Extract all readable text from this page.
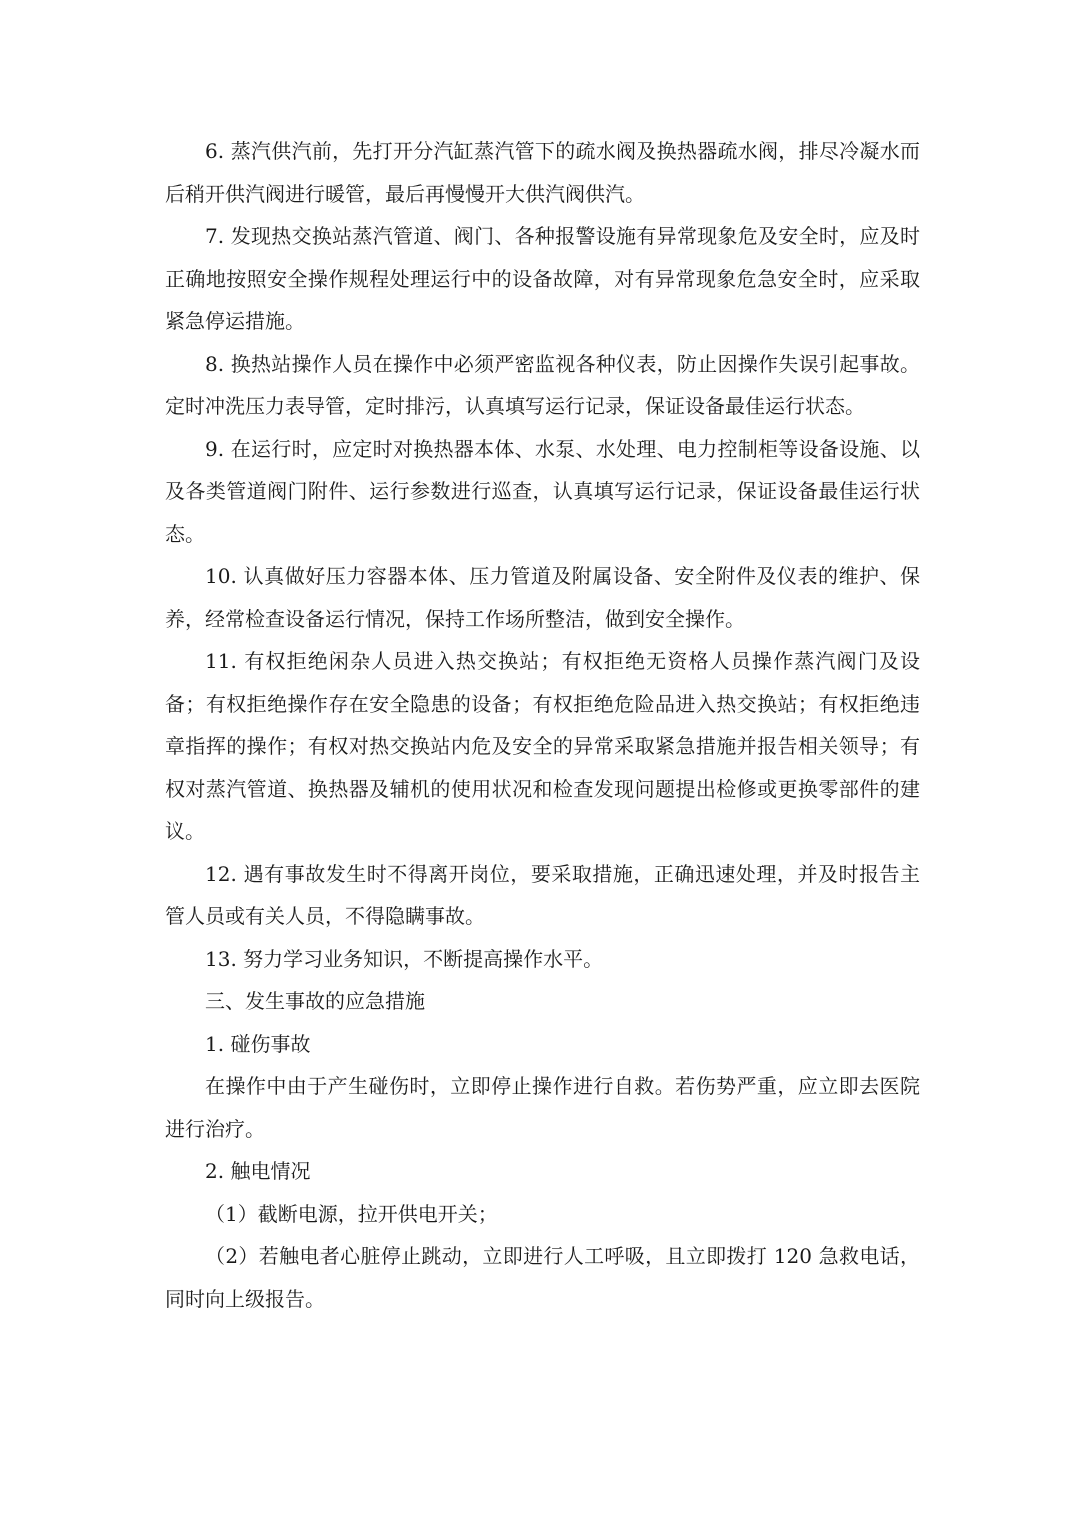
6. 蒸汽供汽前，先打开分汽缸蒸汽管下的疏水阀及换热器疏水阀，排尽冷凝水而后稍开供汽阀进行暖管，最后再慢慢开大供汽阀供汽。

7. 发现热交换站蒸汽管道、阀门、各种报警设施有异常现象危及安全时，应及时正确地按照安全操作规程处理运行中的设备故障，对有异常现象危急安全时，应采取紧急停运措施。

8. 换热站操作人员在操作中必须严密监视各种仪表，防止因操作失误引起事故。定时冲洗压力表导管，定时排污，认真填写运行记录，保证设备最佳运行状态。

9. 在运行时，应定时对换热器本体、水泵、水处理、电力控制柜等设备设施、以及各类管道阀门附件、运行参数进行巡查，认真填写运行记录，保证设备最佳运行状态。

10. 认真做好压力容器本体、压力管道及附属设备、安全附件及仪表的维护、保养，经常检查设备运行情况，保持工作场所整洁，做到安全操作。

11. 有权拒绝闲杂人员进入热交换站；有权拒绝无资格人员操作蒸汽阀门及设备；有权拒绝操作存在安全隐患的设备；有权拒绝危险品进入热交换站；有权拒绝违章指挥的操作；有权对热交换站内危及安全的异常采取紧急措施并报告相关领导；有权对蒸汽管道、换热器及辅机的使用状况和检查发现问题提出检修或更换零部件的建议。

12. 遇有事故发生时不得离开岗位，要采取措施，正确迅速处理，并及时报告主管人员或有关人员，不得隐瞒事故。

13. 努力学习业务知识，不断提高操作水平。

三、发生事故的应急措施

1. 碰伤事故

在操作中由于产生碰伤时，立即停止操作进行自救。若伤势严重，应立即去医院进行治疗。

2. 触电情况

（1）截断电源，拉开供电开关；

（2）若触电者心脏停止跳动，立即进行人工呼吸，且立即拨打 120 急救电话，同时向上级报告。
